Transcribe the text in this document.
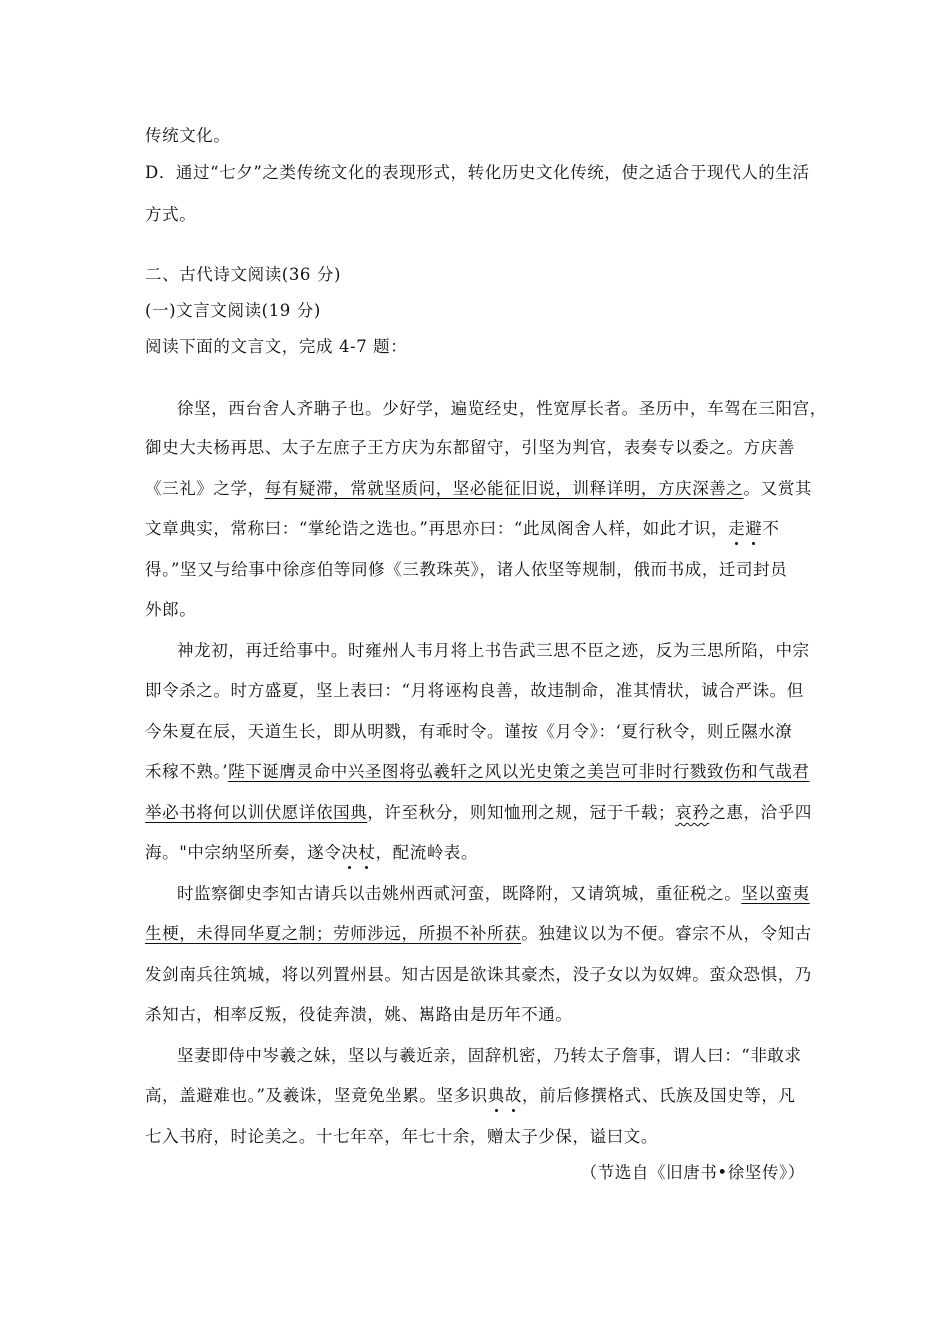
传统文化。
D．通过“七夕”之类传统文化的表现形式，转化历史文化传统，使之适合于现代人的生活
方式。
二、古代诗文阅读(36 分)
(一)文言文阅读(19 分)
阅读下面的文言文，完成 4-7 题：
徐坚，西台舍人齐聃子也。少好学，遍览经史，性宽厚长者。圣历中，车驾在三阳宫，
御史大夫杨再思、太子左庶子王方庆为东都留守，引坚为判官，表奏专以委之。方庆善
《三礼》之学，每有疑滞，常就坚质问，坚必能征旧说，训释详明，方庆深善之。又赏其
文章典实，常称曰：“掌纶诰之选也。”再思亦曰：“此凤阁舍人样，如此才识，走避不
得。”坚又与给事中徐彦伯等同修《三教珠英》，诸人依坚等规制，俄而书成，迁司封员
外郎。
神龙初，再迁给事中。时雍州人韦月将上书告武三思不臣之迹，反为三思所陷，中宗
即令杀之。时方盛夏，坚上表曰：“月将诬构良善，故违制命，准其情状，诚合严诛。但
今朱夏在辰，天道生长，即从明戮，有乖时令。谨按《月令》：‘夏行秋令，则丘隰水潦
禾稼不熟。’陛下诞膺灵命中兴圣图将弘羲轩之风以光史策之美岂可非时行戮致伤和气哉君
举必书将何以训伏愿详依国典，许至秋分，则知恤刑之规，冠于千载；哀矜之惠，洽乎四
海。"中宗纳坚所奏，遂令决杖，配流岭表。
时监察御史李知古请兵以击姚州西贰河蛮，既降附，又请筑城，重征税之。坚以蛮夷
生梗，未得同华夏之制；劳师涉远，所损不补所获。独建议以为不便。睿宗不从，令知古
发剑南兵往筑城，将以列置州县。知古因是欲诛其豪杰，没子女以为奴婢。蛮众恐惧，乃
杀知古，相率反叛，役徒奔溃，姚、嶲路由是历年不通。
坚妻即侍中岑羲之妹，坚以与羲近亲，固辞机密，乃转太子詹事，谓人曰：“非敢求
高，盖避难也。”及羲诛，坚竟免坐累。坚多识典故，前后修撰格式、氏族及国史等，凡
七入书府，时论美之。十七年卒，年七十余，赠太子少保，谥曰文。
（节选自《旧唐书•徐坚传》）
